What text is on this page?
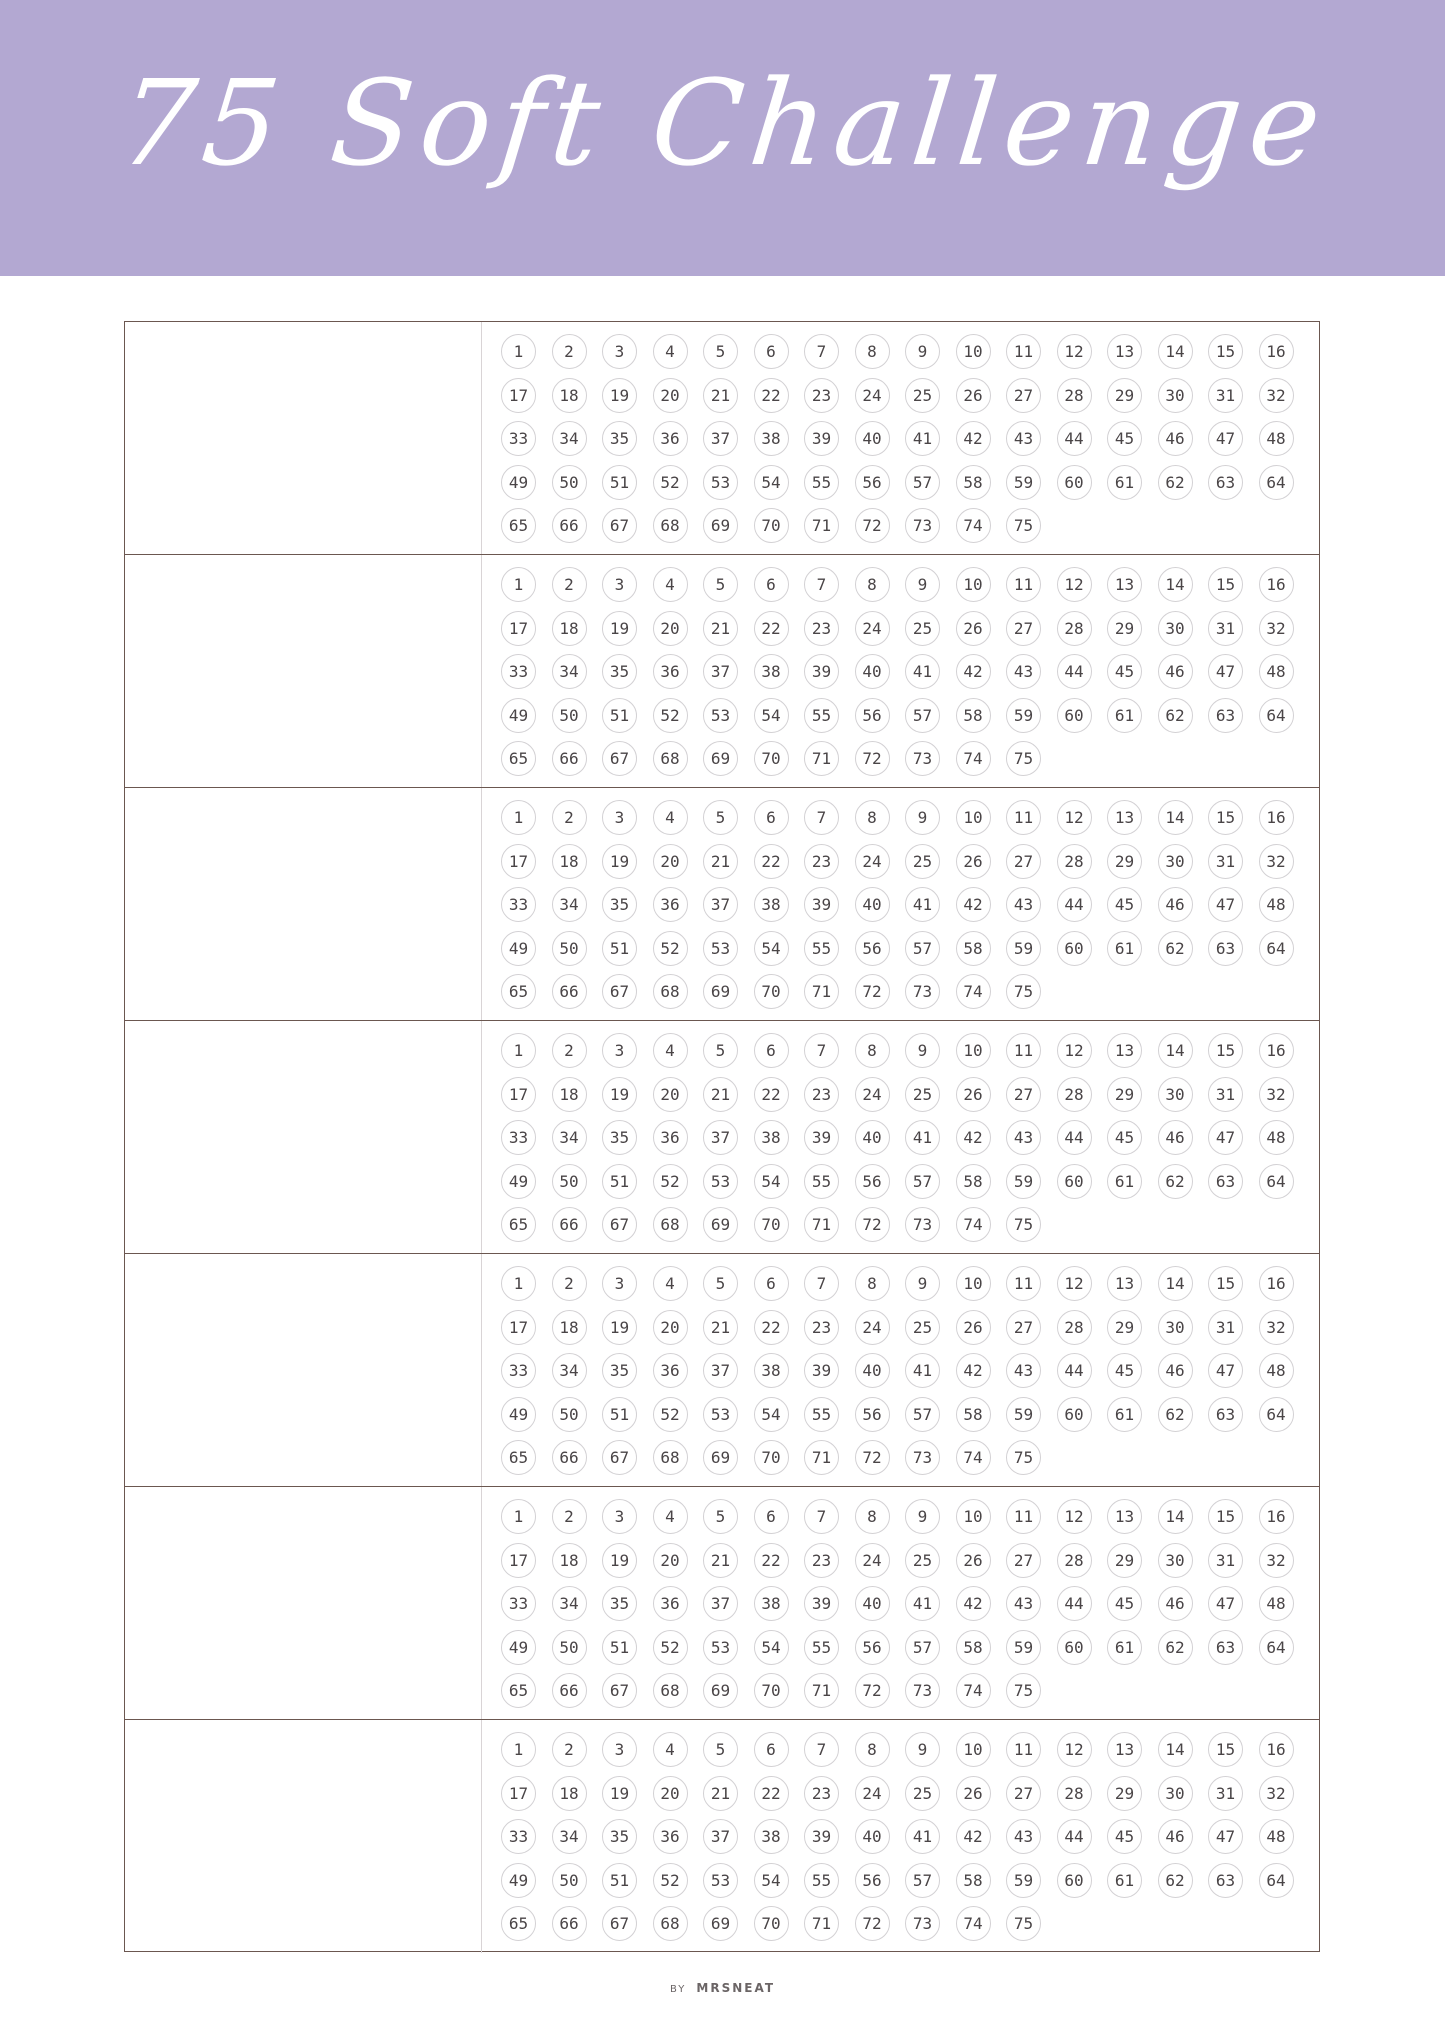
75 Soft Challenge
1	2	3	4	5	6	7	8	9	10	11	12	13	14	15	16
17	18	19	20	21	22	23	24	25	26	27	28	29	30	31	32
33	34	35	36	37	38	39	40	41	42	43	44	45	46	47	48
49	50	51	52	53	54	55	56	57	58	59	60	61	62	63	64
65	66	67	68	69	70	71	72	73	74	75
1	2	3	4	5	6	7	8	9	10	11	12	13	14	15	16
17	18	19	20	21	22	23	24	25	26	27	28	29	30	31	32
33	34	35	36	37	38	39	40	41	42	43	44	45	46	47	48
49	50	51	52	53	54	55	56	57	58	59	60	61	62	63	64
65	66	67	68	69	70	71	72	73	74	75
1	2	3	4	5	6	7	8	9	10	11	12	13	14	15	16
17	18	19	20	21	22	23	24	25	26	27	28	29	30	31	32
33	34	35	36	37	38	39	40	41	42	43	44	45	46	47	48
49	50	51	52	53	54	55	56	57	58	59	60	61	62	63	64
65	66	67	68	69	70	71	72	73	74	75
1	2	3	4	5	6	7	8	9	10	11	12	13	14	15	16
17	18	19	20	21	22	23	24	25	26	27	28	29	30	31	32
33	34	35	36	37	38	39	40	41	42	43	44	45	46	47	48
49	50	51	52	53	54	55	56	57	58	59	60	61	62	63	64
65	66	67	68	69	70	71	72	73	74	75
1	2	3	4	5	6	7	8	9	10	11	12	13	14	15	16
17	18	19	20	21	22	23	24	25	26	27	28	29	30	31	32
33	34	35	36	37	38	39	40	41	42	43	44	45	46	47	48
49	50	51	52	53	54	55	56	57	58	59	60	61	62	63	64
65	66	67	68	69	70	71	72	73	74	75
1	2	3	4	5	6	7	8	9	10	11	12	13	14	15	16
17	18	19	20	21	22	23	24	25	26	27	28	29	30	31	32
33	34	35	36	37	38	39	40	41	42	43	44	45	46	47	48
49	50	51	52	53	54	55	56	57	58	59	60	61	62	63	64
65	66	67	68	69	70	71	72	73	74	75
1	2	3	4	5	6	7	8	9	10	11	12	13	14	15	16
17	18	19	20	21	22	23	24	25	26	27	28	29	30	31	32
33	34	35	36	37	38	39	40	41	42	43	44	45	46	47	48
49	50	51	52	53	54	55	56	57	58	59	60	61	62	63	64
65	66	67	68	69	70	71	72	73	74	75
BY MRSNEAT
